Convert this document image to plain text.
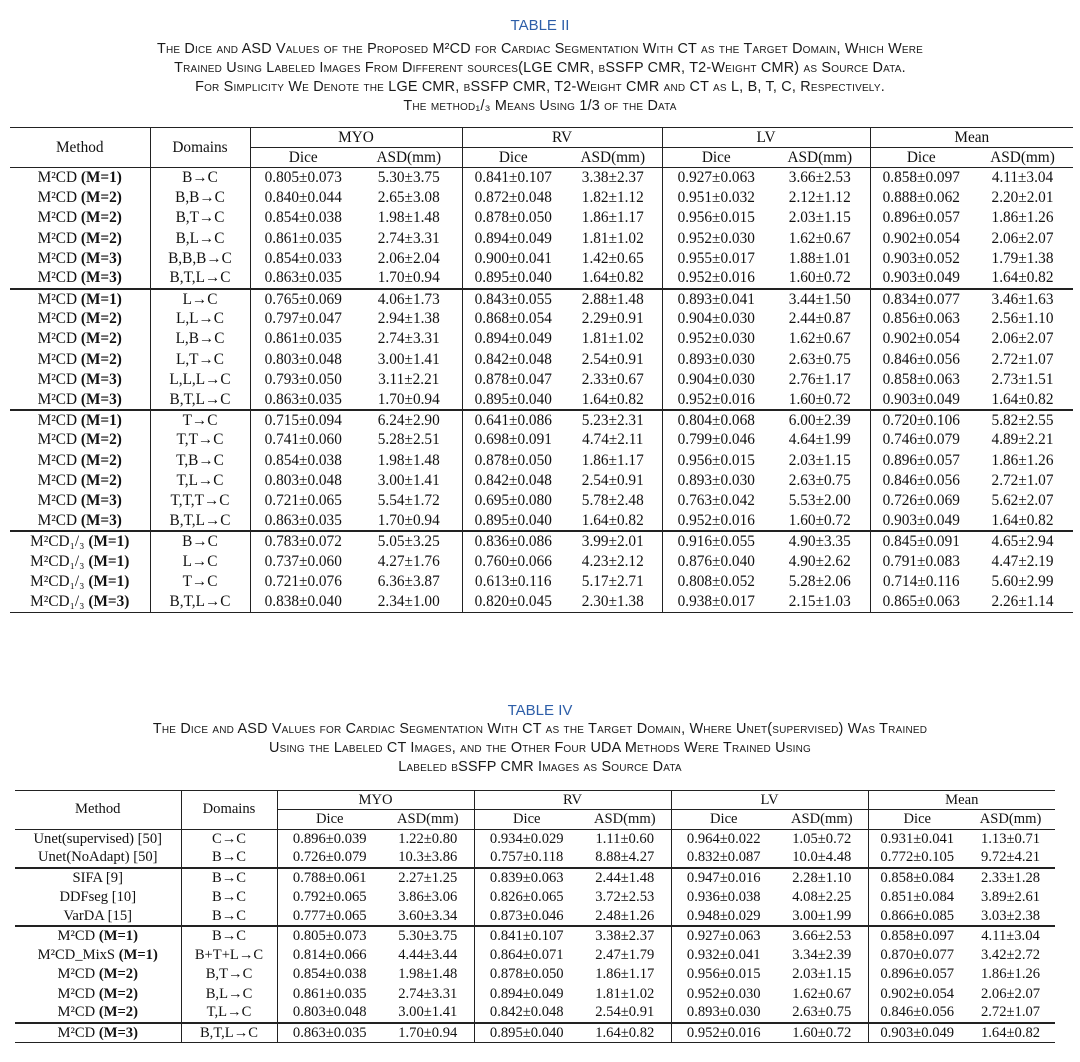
TABLE II
The Dice and ASD Values of the Proposed M²CD for Cardiac Segmentation With CT as the Target Domain, Which Were
Trained Using Labeled Images From Different sources(LGE CMR, bSSFP CMR, T2-Weight CMR) as Source Data.
For Simplicity We Denote the LGE CMR, bSSFP CMR, T2-Weight CMR and CT as L, B, T, C, Respectively.
The method₁/₃ Means Using 1/3 of the Data
Method	Domains	MYO		RV		LV		Mean	
		Dice	ASD(mm)	Dice	ASD(mm)	Dice	ASD(mm)	Dice	ASD(mm)
M²CD (M=1)	B→C	0.805±0.073	5.30±3.75	0.841±0.107	3.38±2.37	0.927±0.063	3.66±2.53	0.858±0.097	4.11±3.04
M²CD (M=2)	B,B→C	0.840±0.044	2.65±3.08	0.872±0.048	1.82±1.12	0.951±0.032	2.12±1.12	0.888±0.062	2.20±2.01
M²CD (M=2)	B,T→C	0.854±0.038	1.98±1.48	0.878±0.050	1.86±1.17	0.956±0.015	2.03±1.15	0.896±0.057	1.86±1.26
M²CD (M=2)	B,L→C	0.861±0.035	2.74±3.31	0.894±0.049	1.81±1.02	0.952±0.030	1.62±0.67	0.902±0.054	2.06±2.07
M²CD (M=3)	B,B,B→C	0.854±0.033	2.06±2.04	0.900±0.041	1.42±0.65	0.955±0.017	1.88±1.01	0.903±0.052	1.79±1.38
M²CD (M=3)	B,T,L→C	0.863±0.035	1.70±0.94	0.895±0.040	1.64±0.82	0.952±0.016	1.60±0.72	0.903±0.049	1.64±0.82
M²CD (M=1)	L→C	0.765±0.069	4.06±1.73	0.843±0.055	2.88±1.48	0.893±0.041	3.44±1.50	0.834±0.077	3.46±1.63
M²CD (M=2)	L,L→C	0.797±0.047	2.94±1.38	0.868±0.054	2.29±0.91	0.904±0.030	2.44±0.87	0.856±0.063	2.56±1.10
M²CD (M=2)	L,B→C	0.861±0.035	2.74±3.31	0.894±0.049	1.81±1.02	0.952±0.030	1.62±0.67	0.902±0.054	2.06±2.07
M²CD (M=2)	L,T→C	0.803±0.048	3.00±1.41	0.842±0.048	2.54±0.91	0.893±0.030	2.63±0.75	0.846±0.056	2.72±1.07
M²CD (M=3)	L,L,L→C	0.793±0.050	3.11±2.21	0.878±0.047	2.33±0.67	0.904±0.030	2.76±1.17	0.858±0.063	2.73±1.51
M²CD (M=3)	B,T,L→C	0.863±0.035	1.70±0.94	0.895±0.040	1.64±0.82	0.952±0.016	1.60±0.72	0.903±0.049	1.64±0.82
M²CD (M=1)	T→C	0.715±0.094	6.24±2.90	0.641±0.086	5.23±2.31	0.804±0.068	6.00±2.39	0.720±0.106	5.82±2.55
M²CD (M=2)	T,T→C	0.741±0.060	5.28±2.51	0.698±0.091	4.74±2.11	0.799±0.046	4.64±1.99	0.746±0.079	4.89±2.21
M²CD (M=2)	T,B→C	0.854±0.038	1.98±1.48	0.878±0.050	1.86±1.17	0.956±0.015	2.03±1.15	0.896±0.057	1.86±1.26
M²CD (M=2)	T,L→C	0.803±0.048	3.00±1.41	0.842±0.048	2.54±0.91	0.893±0.030	2.63±0.75	0.846±0.056	2.72±1.07
M²CD (M=3)	T,T,T→C	0.721±0.065	5.54±1.72	0.695±0.080	5.78±2.48	0.763±0.042	5.53±2.00	0.726±0.069	5.62±2.07
M²CD (M=3)	B,T,L→C	0.863±0.035	1.70±0.94	0.895±0.040	1.64±0.82	0.952±0.016	1.60±0.72	0.903±0.049	1.64±0.82
M²CD₁/₃ (M=1)	B→C	0.783±0.072	5.05±3.25	0.836±0.086	3.99±2.01	0.916±0.055	4.90±3.35	0.845±0.091	4.65±2.94
M²CD₁/₃ (M=1)	L→C	0.737±0.060	4.27±1.76	0.760±0.066	4.23±2.12	0.876±0.040	4.90±2.62	0.791±0.083	4.47±2.19
M²CD₁/₃ (M=1)	T→C	0.721±0.076	6.36±3.87	0.613±0.116	5.17±2.71	0.808±0.052	5.28±2.06	0.714±0.116	5.60±2.99
M²CD₁/₃ (M=3)	B,T,L→C	0.838±0.040	2.34±1.00	0.820±0.045	2.30±1.38	0.938±0.017	2.15±1.03	0.865±0.063	2.26±1.14
TABLE IV
The Dice and ASD Values for Cardiac Segmentation With CT as the Target Domain, Where Unet(supervised) Was Trained
Using the Labeled CT Images, and the Other Four UDA Methods Were Trained Using
Labeled bSSFP CMR Images as Source Data
Method	Domains	MYO		RV		LV		Mean	
		Dice	ASD(mm)	Dice	ASD(mm)	Dice	ASD(mm)	Dice	ASD(mm)
Unet(supervised) [50]	C→C	0.896±0.039	1.22±0.80	0.934±0.029	1.11±0.60	0.964±0.022	1.05±0.72	0.931±0.041	1.13±0.71
Unet(NoAdapt) [50]	B→C	0.726±0.079	10.3±3.86	0.757±0.118	8.88±4.27	0.832±0.087	10.0±4.48	0.772±0.105	9.72±4.21
SIFA [9]	B→C	0.788±0.061	2.27±1.25	0.839±0.063	2.44±1.48	0.947±0.016	2.28±1.10	0.858±0.084	2.33±1.28
DDFseg [10]	B→C	0.792±0.065	3.86±3.06	0.826±0.065	3.72±2.53	0.936±0.038	4.08±2.25	0.851±0.084	3.89±2.61
VarDA [15]	B→C	0.777±0.065	3.60±3.34	0.873±0.046	2.48±1.26	0.948±0.029	3.00±1.99	0.866±0.085	3.03±2.38
M²CD (M=1)	B→C	0.805±0.073	5.30±3.75	0.841±0.107	3.38±2.37	0.927±0.063	3.66±2.53	0.858±0.097	4.11±3.04
M²CD_MixS (M=1)	B+T+L→C	0.814±0.066	4.44±3.44	0.864±0.071	2.47±1.79	0.932±0.041	3.34±2.39	0.870±0.077	3.42±2.72
M²CD (M=2)	B,T→C	0.854±0.038	1.98±1.48	0.878±0.050	1.86±1.17	0.956±0.015	2.03±1.15	0.896±0.057	1.86±1.26
M²CD (M=2)	B,L→C	0.861±0.035	2.74±3.31	0.894±0.049	1.81±1.02	0.952±0.030	1.62±0.67	0.902±0.054	2.06±2.07
M²CD (M=2)	T,L→C	0.803±0.048	3.00±1.41	0.842±0.048	2.54±0.91	0.893±0.030	2.63±0.75	0.846±0.056	2.72±1.07
M²CD (M=3)	B,T,L→C	0.863±0.035	1.70±0.94	0.895±0.040	1.64±0.82	0.952±0.016	1.60±0.72	0.903±0.049	1.64±0.82
